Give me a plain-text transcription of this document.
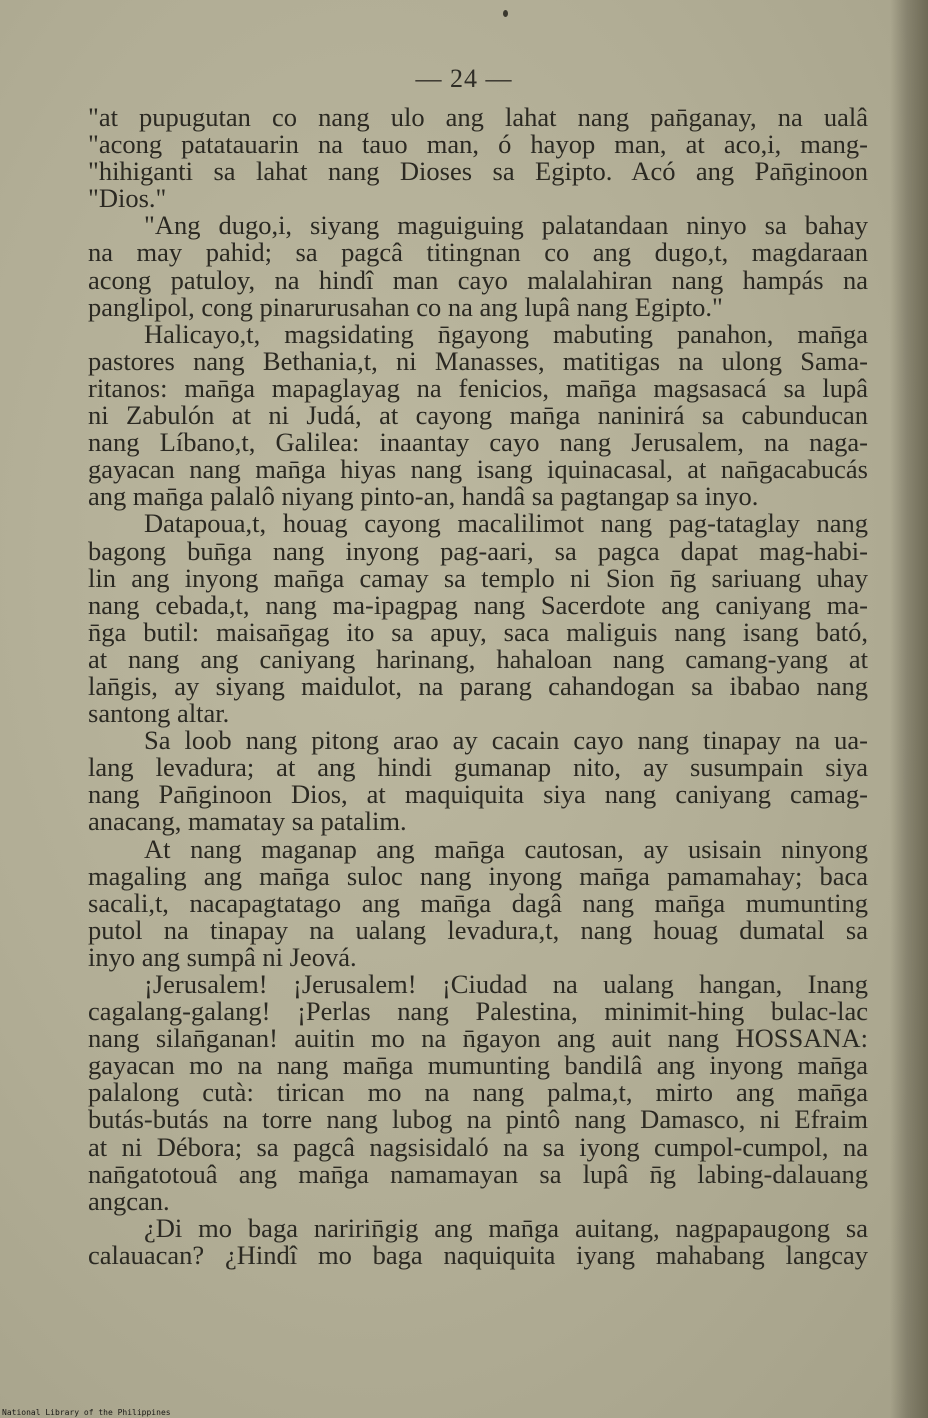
— 24 —
"at pupugutan co nang ulo ang lahat nang pan̄ganay, na ualâ
"acong patatauarin na tauo man, ó hayop man, at aco,i, mang-
"hihiganti sa lahat nang Dioses sa Egipto. Acó ang Pan̄ginoon
"Dios."
"Ang dugo,i, siyang maguiguing palatandaan ninyo sa bahay
na may pahid; sa pagcâ titingnan co ang dugo,t, magdaraan
acong patuloy, na hindî man cayo malalahiran nang hampás na
panglipol, cong pinarurusahan co na ang lupâ nang Egipto."
Halicayo,t, magsidating n̄gayong mabuting panahon, man̄ga
pastores nang Bethania,t, ni Manasses, matitigas na ulong Sama-
ritanos: man̄ga mapaglayag na fenicios, man̄ga magsasacá sa lupâ
ni Zabulón at ni Judá, at cayong man̄ga naninirá sa cabunducan
nang Líbano,t, Galilea: inaantay cayo nang Jerusalem, na naga-
gayacan nang man̄ga hiyas nang isang iquinacasal, at nan̄gacabucás
ang man̄ga palalô niyang pinto-an, handâ sa pagtangap sa inyo.
Datapoua,t, houag cayong macalilimot nang pag-tataglay nang
bagong bun̄ga nang inyong pag-aari, sa pagca dapat mag-habi-
lin ang inyong man̄ga camay sa templo ni Sion n̄g sariuang uhay
nang cebada,t, nang ma-ipagpag nang Sacerdote ang caniyang ma-
n̄ga butil: maisan̄gag ito sa apuy, saca maliguis nang isang bató,
at nang ang caniyang harinang, hahaloan nang camang-yang at
lan̄gis, ay siyang maidulot, na parang cahandogan sa ibabao nang
santong altar.
Sa loob nang pitong arao ay cacain cayo nang tinapay na ua-
lang levadura; at ang hindi gumanap nito, ay susumpain siya
nang Pan̄ginoon Dios, at maquiquita siya nang caniyang camag-
anacang, mamatay sa patalim.
At nang maganap ang man̄ga cautosan, ay usisain ninyong
magaling ang man̄ga suloc nang inyong man̄ga pamamahay; baca
sacali,t, nacapagtatago ang man̄ga dagâ nang man̄ga mumunting
putol na tinapay na ualang levadura,t, nang houag dumatal sa
inyo ang sumpâ ni Jeová.
¡Jerusalem! ¡Jerusalem! ¡Ciudad na ualang hangan, Inang
cagalang-galang! ¡Perlas nang Palestina, minimit-hing bulac-lac
nang silan̄ganan! auitin mo na n̄gayon ang auit nang HOSSANA:
gayacan mo na nang man̄ga mumunting bandilâ ang inyong man̄ga
palalong cutà: tirican mo na nang palma,t, mirto ang man̄ga
butás-butás na torre nang lubog na pintô nang Damasco, ni Efraim
at ni Débora; sa pagcâ nagsisidaló na sa iyong cumpol-cumpol, na
nan̄gatotouâ ang man̄ga namamayan sa lupâ n̄g labing-dalauang
angcan.
¿Di mo baga naririn̄gig ang man̄ga auitang, nagpapaugong sa
calauacan? ¿Hindî mo baga naquiquita iyang mahabang langcay
National Library of the Philippines
